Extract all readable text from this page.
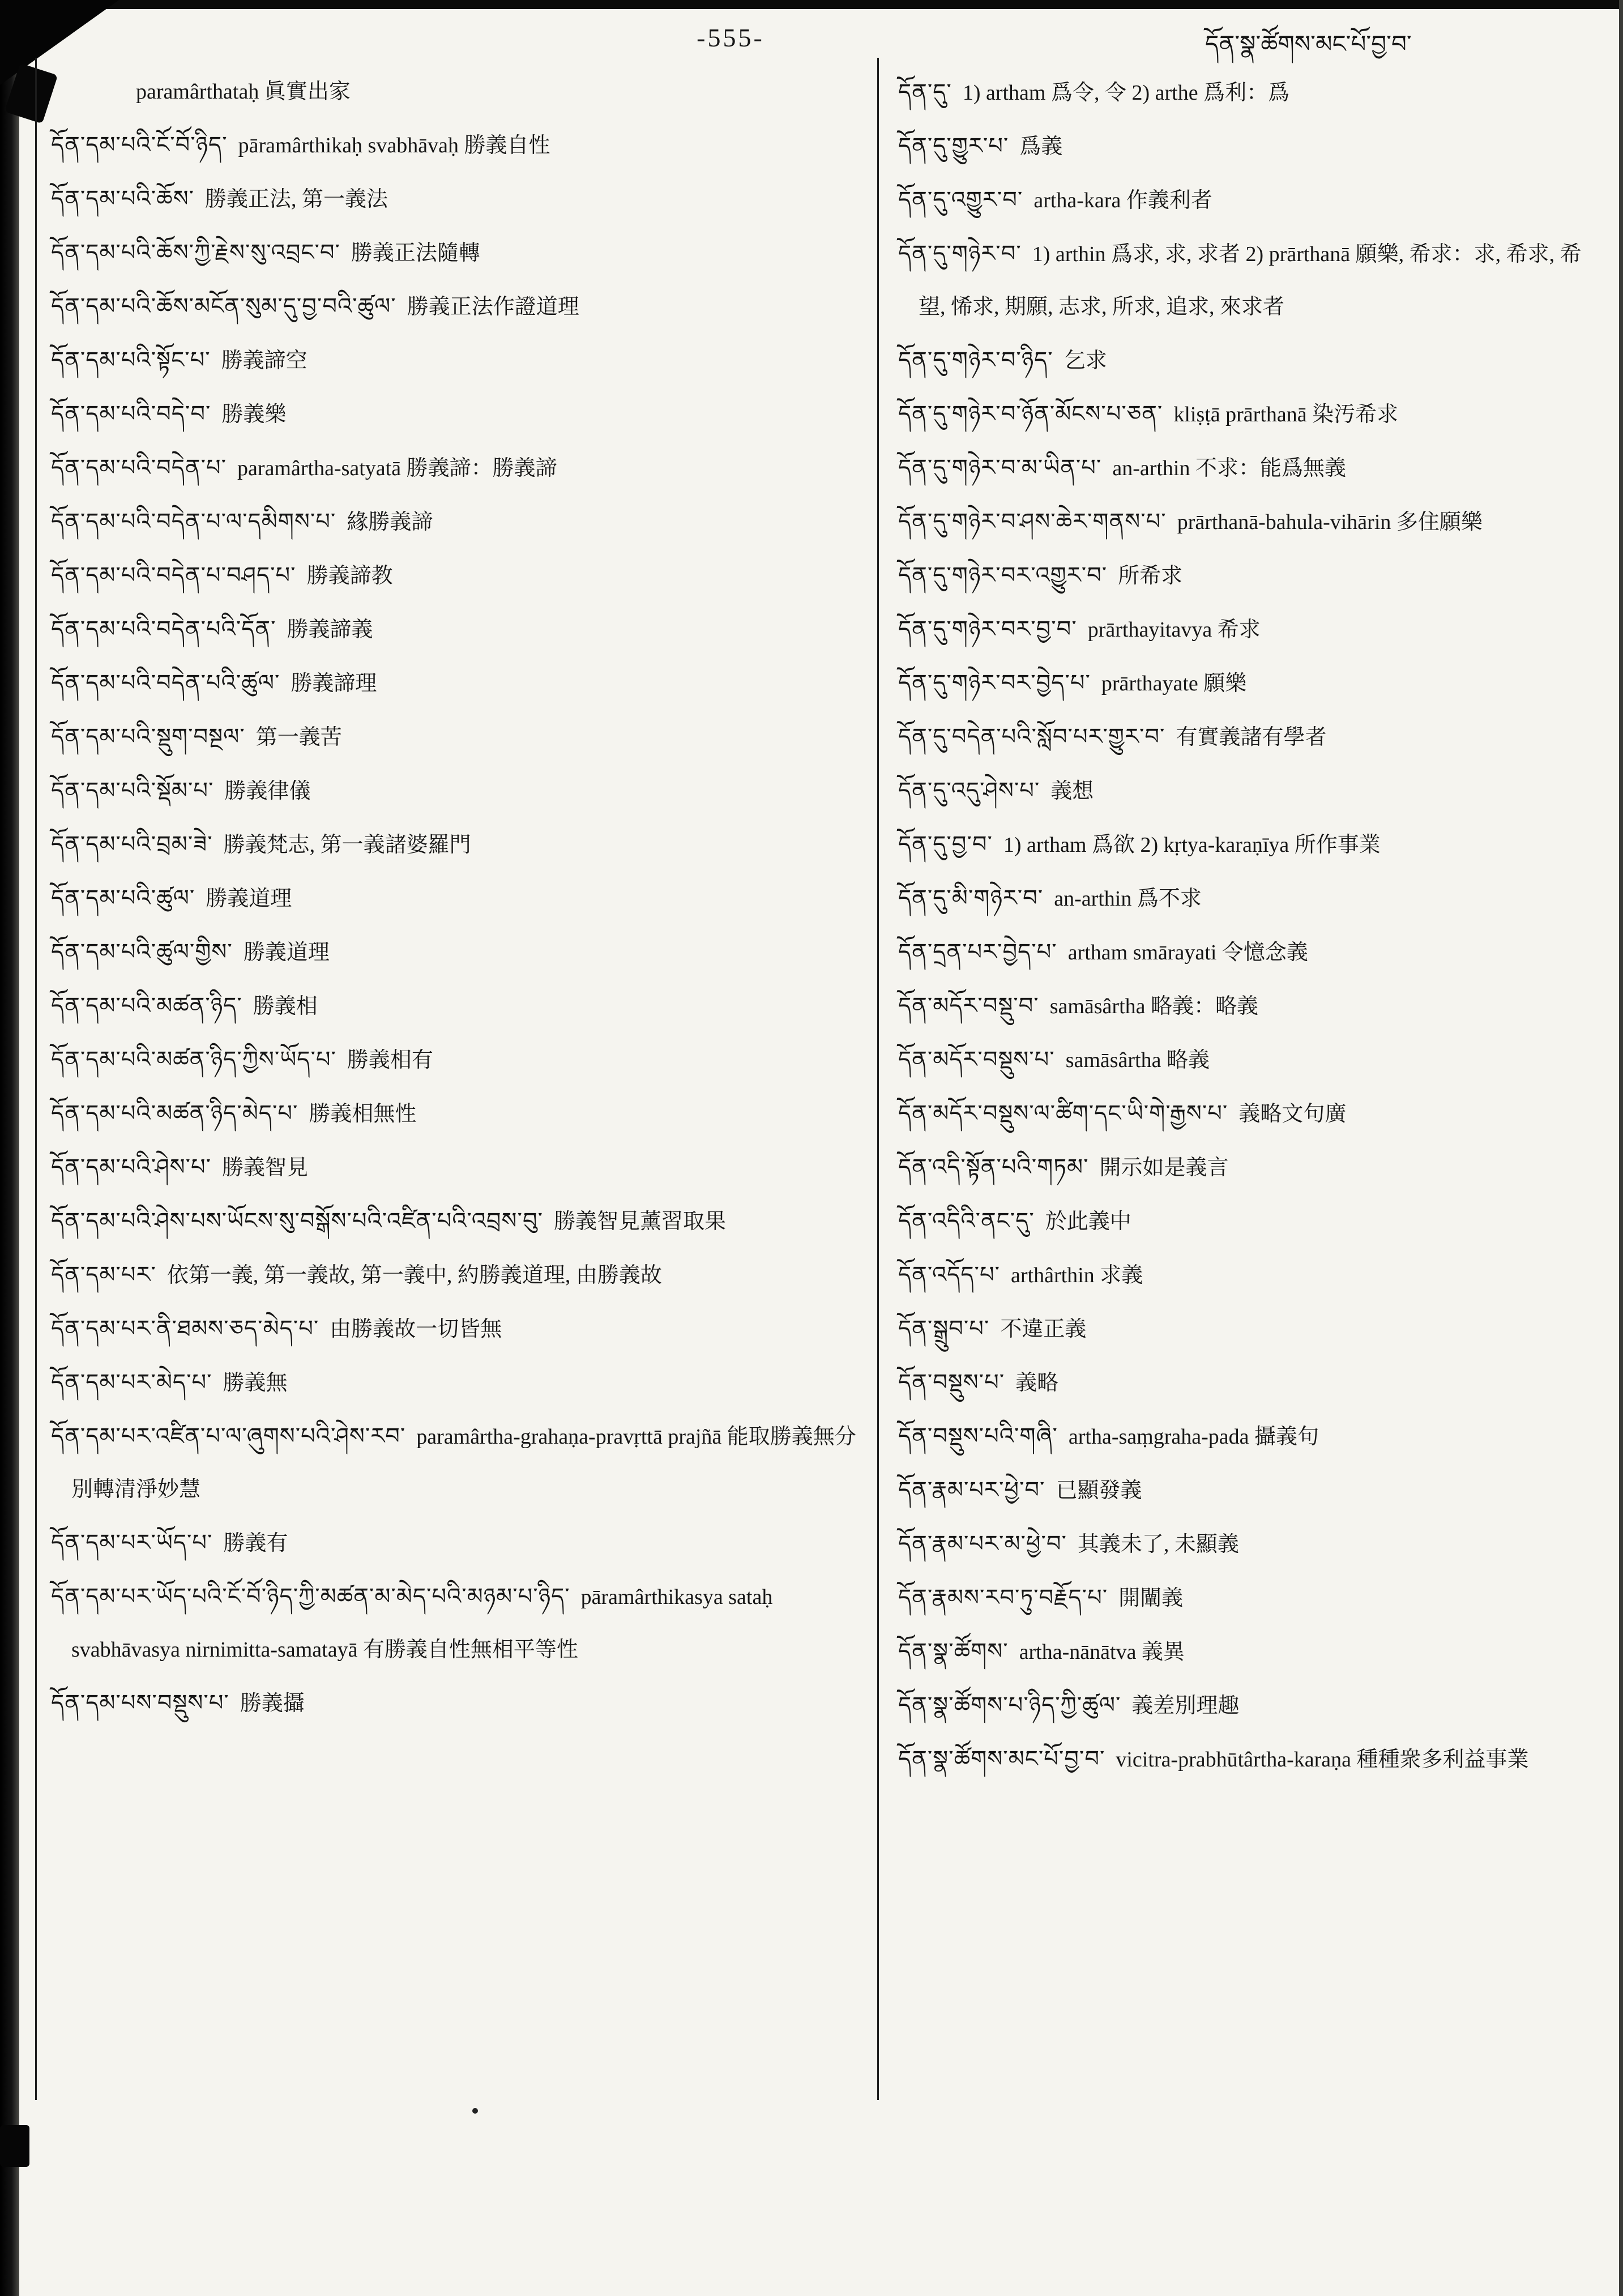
-555-	དོན་སྣ་ཚོགས་མང་པོ་བྱ་བ་
paramârthataḥ 眞實出家
དོན་དམ་པའི་ངོ་བོ་ཉིད་  pāramârthikaḥ svabhāvaḥ 勝義自性
དོན་དམ་པའི་ཆོས་  勝義正法, 第一義法
དོན་དམ་པའི་ཆོས་ཀྱི་རྗེས་སུ་འབྲང་བ་  勝義正法隨轉
དོན་དམ་པའི་ཆོས་མངོན་སུམ་དུ་བྱ་བའི་ཚུལ་  勝義正法作證道理
དོན་དམ་པའི་སྟོང་པ་  勝義諦空
དོན་དམ་པའི་བདེ་བ་  勝義樂
དོན་དམ་པའི་བདེན་པ་  paramârtha-satyatā 勝義諦：勝義諦
དོན་དམ་པའི་བདེན་པ་ལ་དམིགས་པ་  緣勝義諦
དོན་དམ་པའི་བདེན་པ་བཤད་པ་  勝義諦教
དོན་དམ་པའི་བདེན་པའི་དོན་  勝義諦義
དོན་དམ་པའི་བདེན་པའི་ཚུལ་  勝義諦理
དོན་དམ་པའི་སྡུག་བསྔལ་  第一義苦
དོན་དམ་པའི་སྡོམ་པ་  勝義律儀
དོན་དམ་པའི་བྲམ་ཟེ་  勝義梵志, 第一義諸婆羅門
དོན་དམ་པའི་ཚུལ་  勝義道理
དོན་དམ་པའི་ཚུལ་གྱིས་  勝義道理
དོན་དམ་པའི་མཚན་ཉིད་  勝義相
དོན་དམ་པའི་མཚན་ཉིད་ཀྱིས་ཡོད་པ་  勝義相有
དོན་དམ་པའི་མཚན་ཉིད་མེད་པ་  勝義相無性
དོན་དམ་པའི་ཤེས་པ་  勝義智見
དོན་དམ་པའི་ཤེས་པས་ཡོངས་སུ་བསྒོས་པའི་འཛིན་པའི་འབྲས་བུ་  勝義智見薰習取果
དོན་དམ་པར་  依第一義, 第一義故, 第一義中, 約勝義道理, 由勝義故
དོན་དམ་པར་ནི་ཐམས་ཅད་མེད་པ་  由勝義故一切皆無
དོན་དམ་པར་མེད་པ་  勝義無
དོན་དམ་པར་འཛིན་པ་ལ་ཞུགས་པའི་ཤེས་རབ་  paramârtha-grahaṇa-pravṛttā prajñā 能取勝義無分別轉清淨妙慧
དོན་དམ་པར་ཡོད་པ་  勝義有
དོན་དམ་པར་ཡོད་པའི་ངོ་བོ་ཉིད་ཀྱི་མཚན་མ་མེད་པའི་མཉམ་པ་ཉིད་  pāramârthikasya sataḥ svabhāvasya nirnimitta-samatayā 有勝義自性無相平等性
དོན་དམ་པས་བསྡུས་པ་  勝義攝
དོན་དུ་  1) artham 爲令, 令 2) arthe 爲利：爲
དོན་དུ་གྱུར་པ་  爲義
དོན་དུ་འགྱུར་བ་  artha-kara 作義利者
དོན་དུ་གཉེར་བ་  1) arthin 爲求, 求, 求者 2) prārthanā 願樂, 希求：求, 希求, 希望, 悕求, 期願, 志求, 所求, 追求, 來求者
དོན་དུ་གཉེར་བ་ཉིད་  乞求
དོན་དུ་གཉེར་བ་ཉོན་མོངས་པ་ཅན་  kliṣṭā prārthanā 染汚希求
དོན་དུ་གཉེར་བ་མ་ཡིན་པ་  an-arthin 不求：能爲無義
དོན་དུ་གཉེར་བ་ཤས་ཆེར་གནས་པ་  prārthanā-bahula-vihārin 多住願樂
དོན་དུ་གཉེར་བར་འགྱུར་བ་  所希求
དོན་དུ་གཉེར་བར་བྱ་བ་  prārthayitavya 希求
དོན་དུ་གཉེར་བར་བྱེད་པ་  prārthayate 願樂
དོན་དུ་བདེན་པའི་སློབ་པར་གྱུར་བ་  有實義諸有學者
དོན་དུ་འདུ་ཤེས་པ་  義想
དོན་དུ་བྱ་བ་  1) artham 爲欲 2) kṛtya-karaṇīya 所作事業
དོན་དུ་མི་གཉེར་བ་  an-arthin 爲不求
དོན་དྲན་པར་བྱེད་པ་  artham smārayati 令憶念義
དོན་མདོར་བསྡུ་བ་  samāsârtha 略義：略義
དོན་མདོར་བསྡུས་པ་  samāsârtha 略義
དོན་མདོར་བསྡུས་ལ་ཚིག་དང་ཡི་གེ་རྒྱས་པ་  義略文句廣
དོན་འདི་སྟོན་པའི་གཏམ་  開示如是義言
དོན་འདིའི་ནང་དུ་  於此義中
དོན་འདོད་པ་  arthârthin 求義
དོན་སྒྲུབ་པ་  不違正義
དོན་བསྡུས་པ་  義略
དོན་བསྡུས་པའི་གཞི་  artha-saṃgraha-pada 攝義句
དོན་རྣམ་པར་ཕྱེ་བ་  已顯發義
དོན་རྣམ་པར་མ་ཕྱེ་བ་  其義未了, 未顯義
དོན་རྣམས་རབ་ཏུ་བརྗོད་པ་  開闡義
དོན་སྣ་ཚོགས་  artha-nānātva 義異
དོན་སྣ་ཚོགས་པ་ཉིད་ཀྱི་ཚུལ་  義差別理趣
དོན་སྣ་ཚོགས་མང་པོ་བྱ་བ་  vicitra-prabhūtârtha-karaṇa 種種衆多利益事業
